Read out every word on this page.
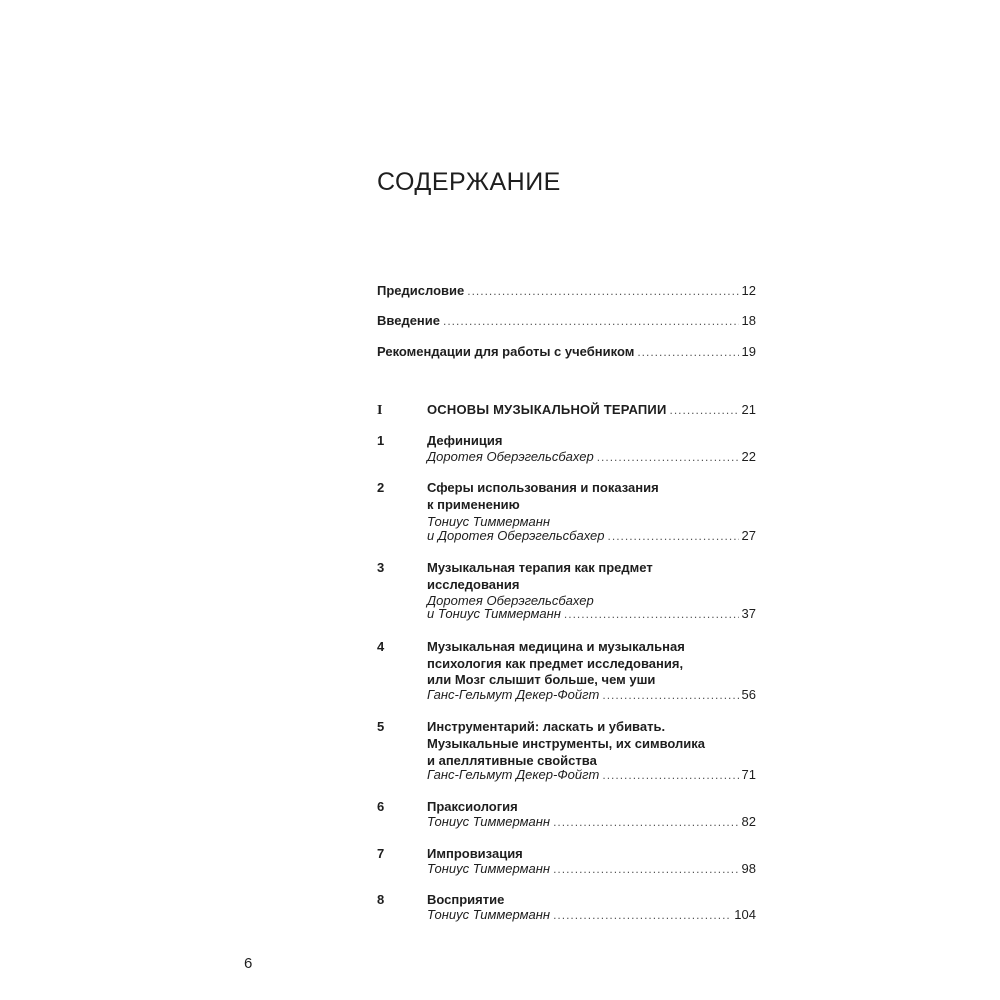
СОДЕРЖАНИЕ
Предисловие .....	12
Введение .....	18
Рекомендации для работы с учебником .....	19
I	ОСНОВЫ МУЗЫКАЛЬНОЙ ТЕРАПИИ .....	21
1	Дефиниция
Доротея Оберэгельсбахер .....	22
2	Сферы использования и показания
к применению
Тониус Тиммерманн
и Доротея Оберэгельсбахер .....	27
3	Музыкальная терапия как предмет
исследования
Доротея Оберэгельсбахер
и Тониус Тиммерманн .....	37
4	Музыкальная медицина и музыкальная
психология как предмет исследования,
или Мозг слышит больше, чем уши
Ганс-Гельмут Декер-Фойгт .....	56
5	Инструментарий: ласкать и убивать.
Музыкальные инструменты, их символика
и апеллятивные свойства
Ганс-Гельмут Декер-Фойгт .....	71
6	Праксиология
Тониус Тиммерманн .....	82
7	Импровизация
Тониус Тиммерманн .....	98
8	Восприятие
Тониус Тиммерманн .....	104
6
